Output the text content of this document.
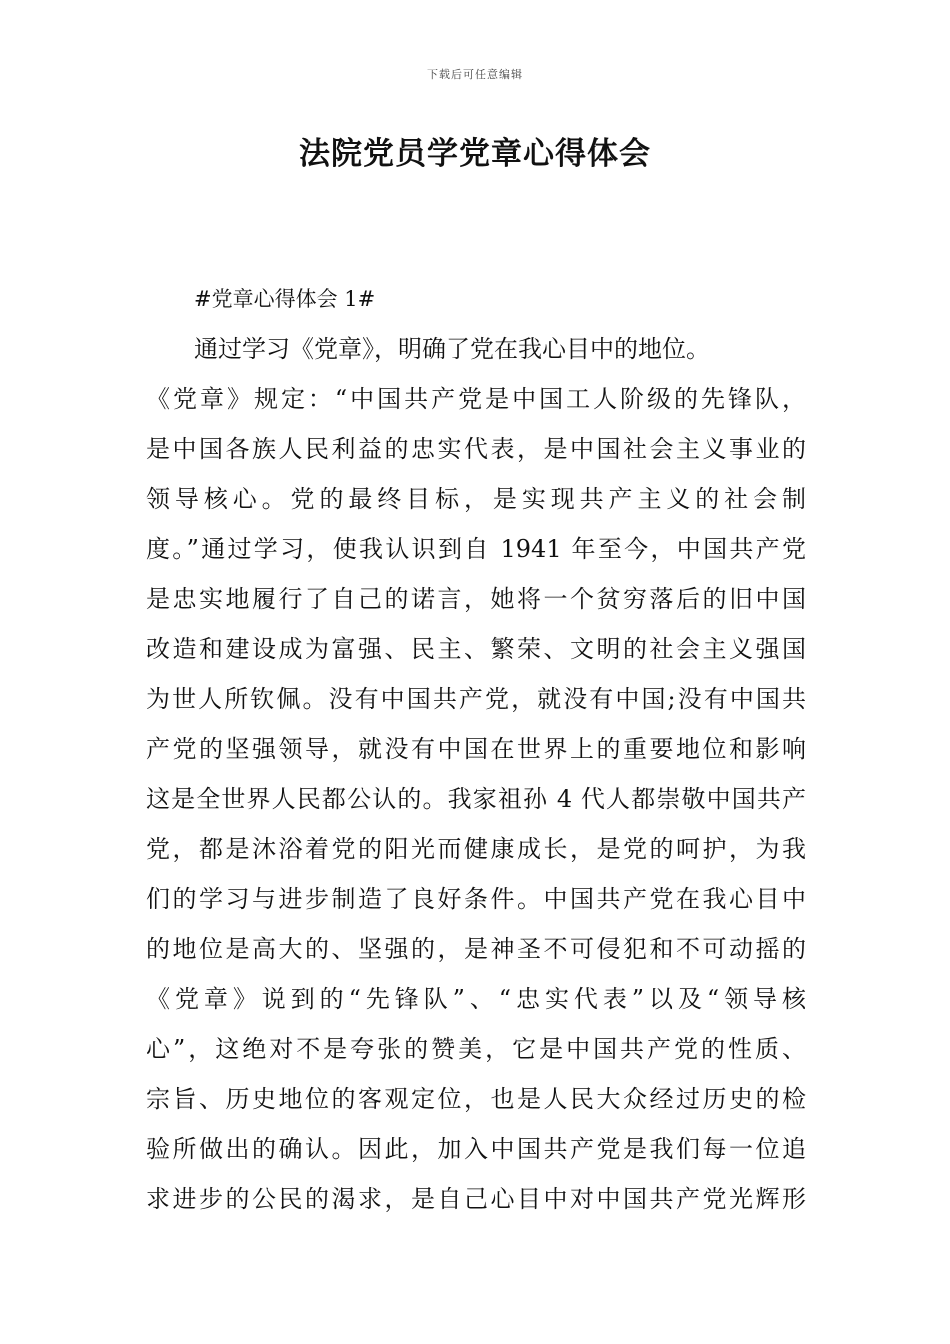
下载后可任意编辑
法院党员学党章心得体会
#党章心得体会 1#
通过学习《党章》，明确了党在我心目中的地位。
《党章》规定：“中国共产党是中国工人阶级的先锋队，
是中国各族人民利益的忠实代表，是中国社会主义事业的
领导核心。党的最终目标，是实现共产主义的社会制
度。”通过学习，使我认识到自 1941 年至今，中国共产党
是忠实地履行了自己的诺言，她将一个贫穷落后的旧中国
改造和建设成为富强、民主、繁荣、文明的社会主义强国
为世人所钦佩。没有中国共产党，就没有中国;没有中国共
产党的坚强领导，就没有中国在世界上的重要地位和影响
这是全世界人民都公认的。我家祖孙 4 代人都崇敬中国共产
党，都是沐浴着党的阳光而健康成长，是党的呵护，为我
们的学习与进步制造了良好条件。中国共产党在我心目中
的地位是高大的、坚强的，是神圣不可侵犯和不可动摇的
《党章》说到的“先锋队”、“忠实代表”以及“领导核
心”，这绝对不是夸张的赞美，它是中国共产党的性质、
宗旨、历史地位的客观定位，也是人民大众经过历史的检
验所做出的确认。因此，加入中国共产党是我们每一位追
求进步的公民的渴求，是自己心目中对中国共产党光辉形
